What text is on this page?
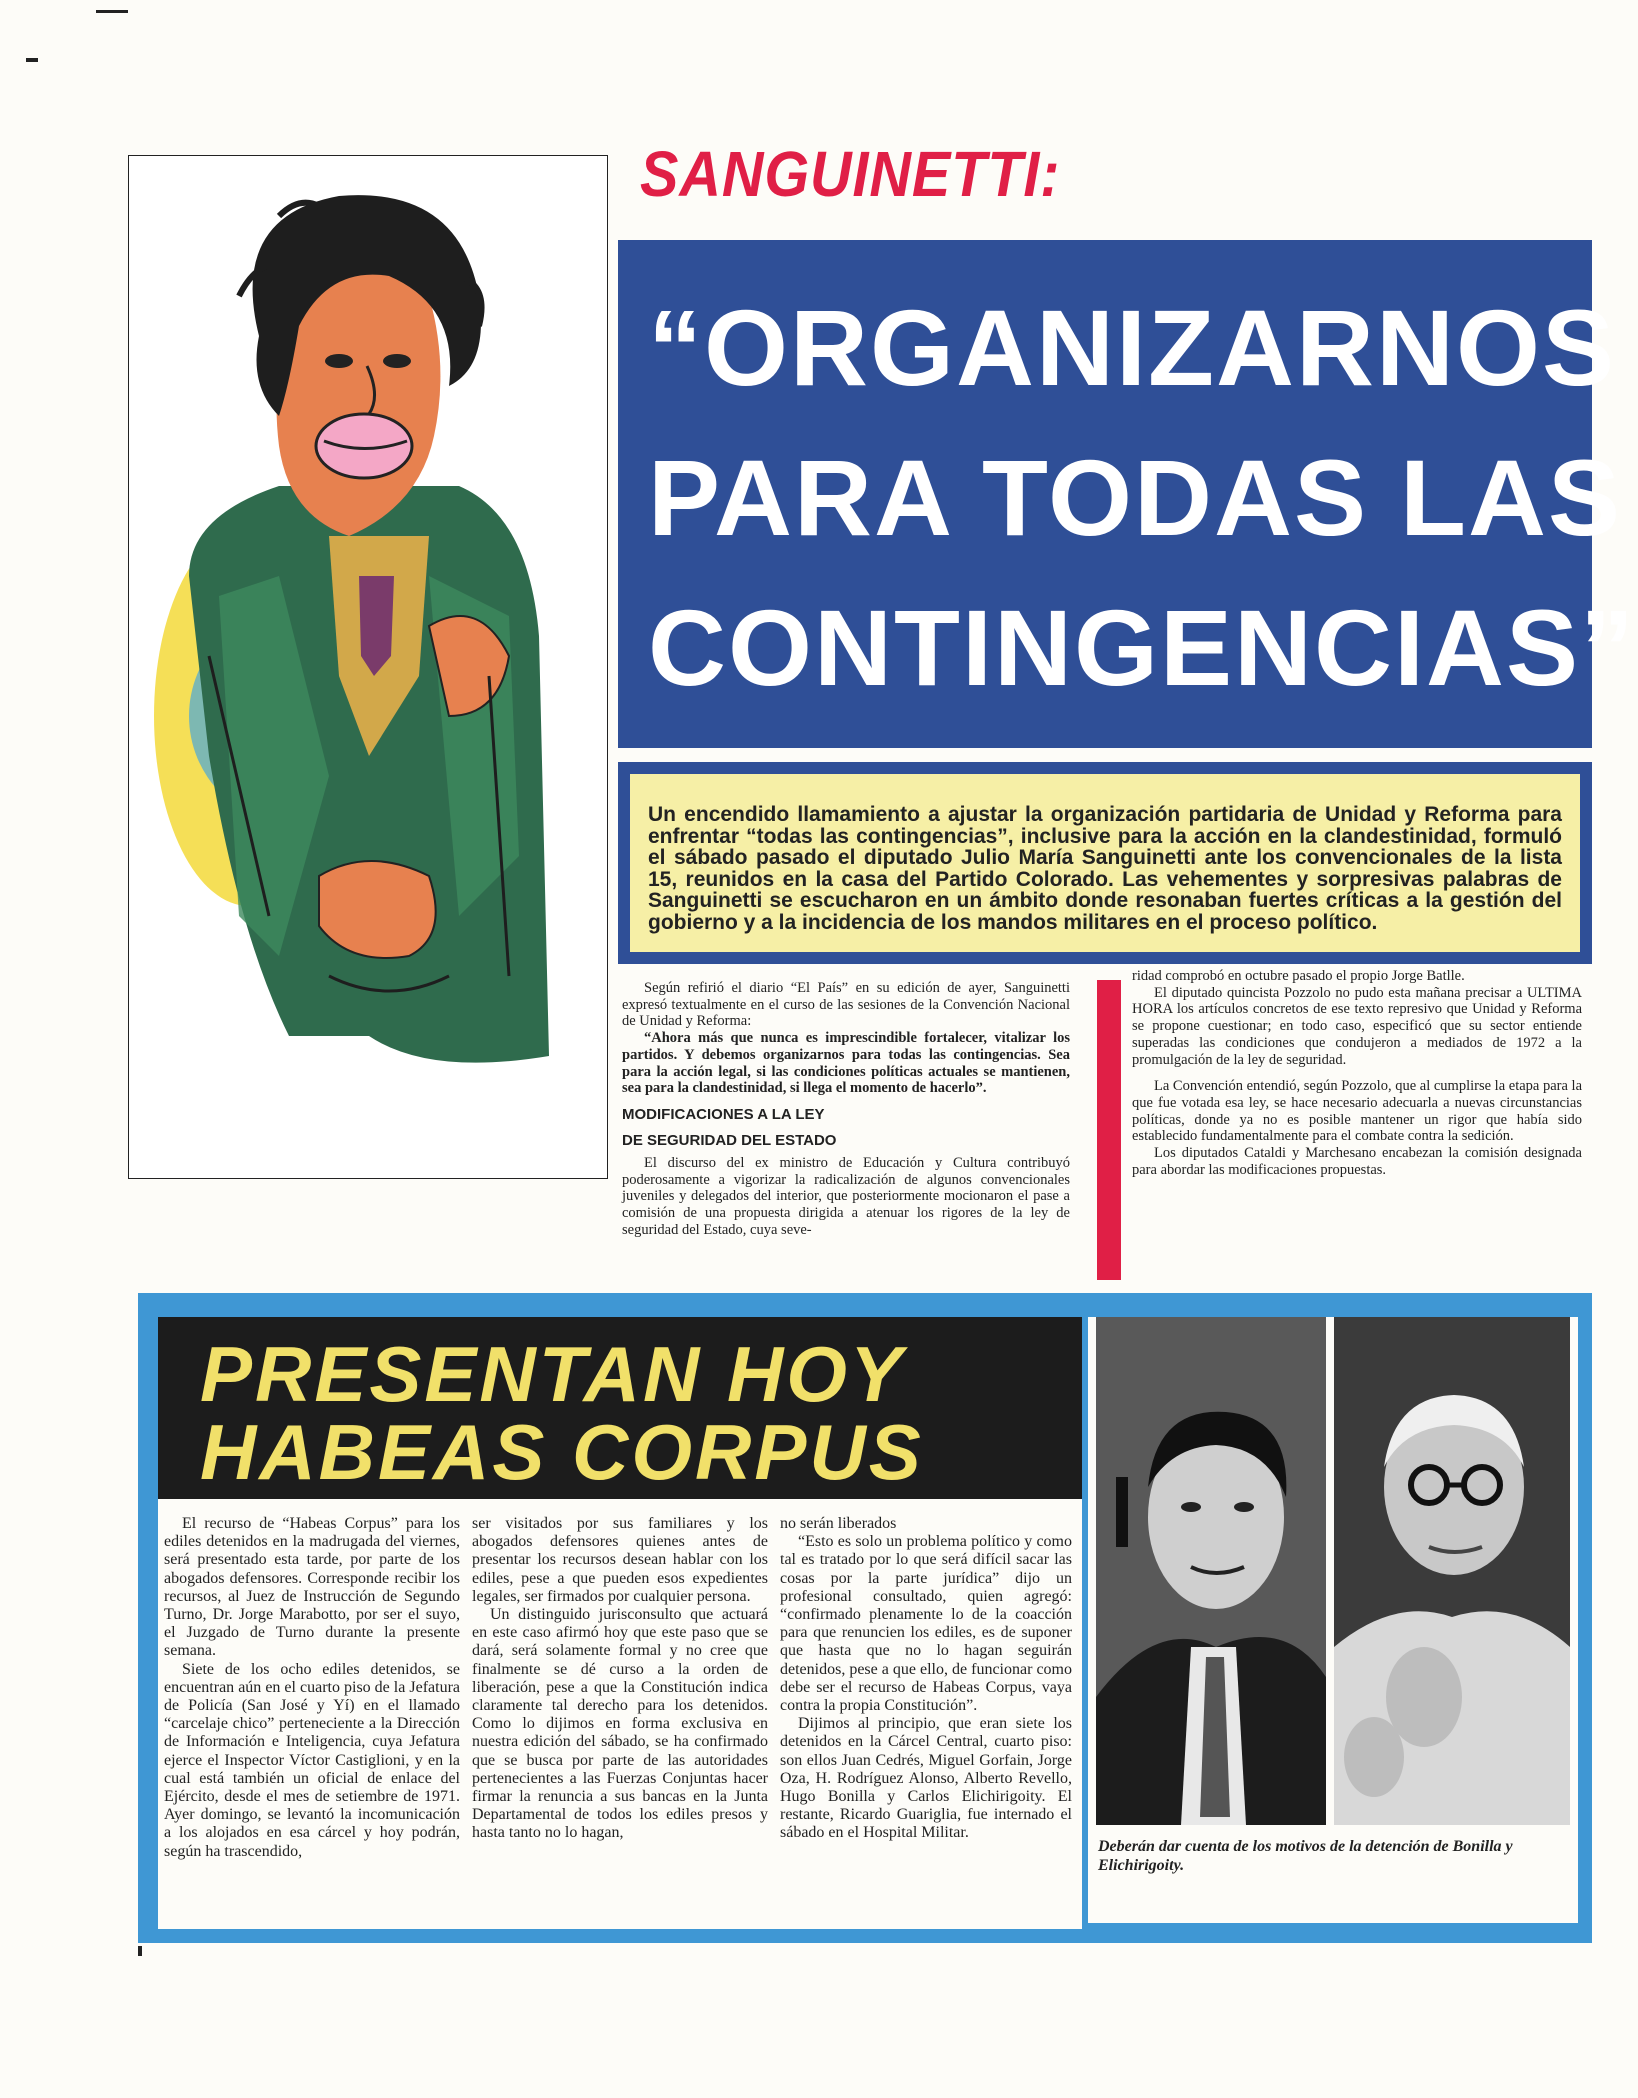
SANGUINETTI:
“ORGANIZARNOS
PARA TODAS LAS
CONTINGENCIAS”

Un encendido llamamiento a ajustar la organización partidaria de Unidad y Reforma para enfrentar “todas las contingencias”, inclusive para la acción en la clandestinidad, formuló el sábado pasado el diputado Julio María Sanguinetti ante los convencionales de la lista 15, reunidos en la casa del Partido Colorado. Las vehementes y sorpresivas palabras de Sanguinetti se escucharon en un ámbito donde resonaban fuertes críticas a la gestión del gobierno y a la incidencia de los mandos militares en el proceso político.

Según refirió el diario “El País” en su edición de ayer, Sanguinetti expresó textualmente en el curso de las sesiones de la Convención Nacional de Unidad y Reforma:

“Ahora más que nunca es imprescindible fortalecer, vitalizar los partidos. Y debemos organizarnos para todas las contingencias. Sea para la acción legal, si las condiciones políticas actuales se mantienen, sea para la clandestinidad, si llega el momento de hacerlo”.

MODIFICACIONES A LA LEY
DE SEGURIDAD DEL ESTADO

El discurso del ex ministro de Educación y Cultura contribuyó poderosamente a vigorizar la radicalización de algunos convencionales juveniles y delegados del interior, que posteriormente mocionaron el pase a comisión de una propuesta dirigida a atenuar los rigores de la ley de seguridad del Estado, cuya seve-

ridad comprobó en octubre pasado el propio Jorge Batlle.

El diputado quincista Pozzolo no pudo esta mañana precisar a ULTIMA HORA los artículos concretos de ese texto represivo que Unidad y Reforma se propone cuestionar; en todo caso, especificó que su sector entiende superadas las condiciones que condujeron a mediados de 1972 a la promulgación de la ley de seguridad.

La Convención entendió, según Pozzolo, que al cumplirse la etapa para la que fue votada esa ley, se hace necesario adecuarla a nuevas circunstancias políticas, donde ya no es posible mantener un rigor que había sido establecido fundamentalmente para el combate contra la sedición.

Los diputados Cataldi y Marchesano encabezan la comisión designada para abordar las modificaciones propuestas.

PRESENTAN HOY
HABEAS CORPUS

El recurso de “Habeas Corpus” para los ediles detenidos en la madrugada del viernes, será presentado esta tarde, por parte de los abogados defensores. Corresponde recibir los recursos, al Juez de Instrucción de Segundo Turno, Dr. Jorge Marabotto, por ser el suyo, el Juzgado de Turno durante la presente semana.

Siete de los ocho ediles detenidos, se encuentran aún en el cuarto piso de la Jefatura de Policía (San José y Yí) en el llamado “carcelaje chico” perteneciente a la Dirección de Información e Inteligencia, cuya Jefatura ejerce el Inspector Víctor Castiglioni, y en la cual está también un oficial de enlace del Ejército, desde el mes de setiembre de 1971. Ayer domingo, se levantó la incomunicación a los alojados en esa cárcel y hoy podrán, según ha trascendido,

ser visitados por sus familiares y los abogados defensores quienes antes de presentar los recursos desean hablar con los ediles, pese a que pueden esos expedientes legales, ser firmados por cualquier persona.

Un distinguido jurisconsulto que actuará en este caso afirmó hoy que este paso que se dará, será solamente formal y no cree que finalmente se dé curso a la orden de liberación, pese a que la Constitución indica claramente tal derecho para los detenidos. Como lo dijimos en forma exclusiva en nuestra edición del sábado, se ha confirmado que se busca por parte de las autoridades pertenecientes a las Fuerzas Conjuntas hacer firmar la renuncia a sus bancas en la Junta Departamental de todos los ediles presos y hasta tanto no lo hagan,

no serán liberados

“Esto es solo un problema político y como tal es tratado por lo que será difícil sacar las cosas por la parte jurídica” dijo un profesional consultado, quien agregó: “confirmado plenamente lo de la coacción para que renuncien los ediles, es de suponer que hasta que no lo hagan seguirán detenidos, pese a que ello, de funcionar como debe ser el recurso de Habeas Corpus, vaya contra la propia Constitución”.

Dijimos al principio, que eran siete los detenidos en la Cárcel Central, cuarto piso: son ellos Juan Cedrés, Miguel Gorfain, Jorge Oza, H. Rodríguez Alonso, Alberto Revello, Hugo Bonilla y Carlos Elichirigoity. El restante, Ricardo Guariglia, fue internado el sábado en el Hospital Militar.

Deberán dar cuenta de los motivos de la detención de Bonilla y Elichirigoity.
